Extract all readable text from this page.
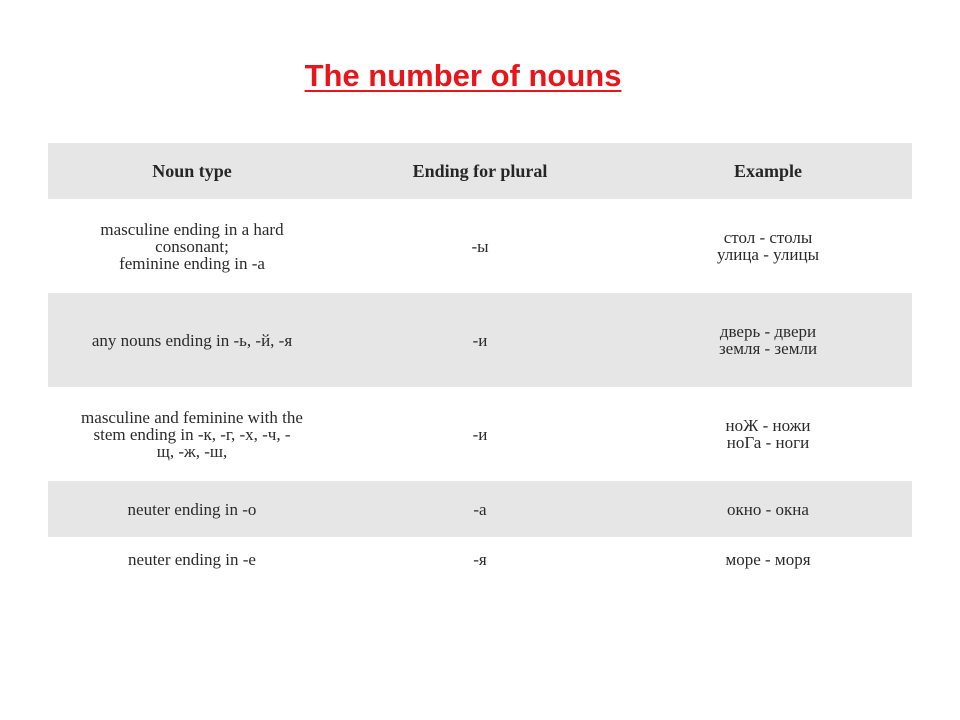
The number of nouns
Noun type	Ending for plural	Example

masculine ending in a hard
consonant;
feminine ending in -а	-ы	стол - столы
улица - улицы

any nouns ending in -ь, -й, -я	-и	дверь - двери
земля - земли

masculine and feminine with the
stem ending in -к, -г, -х, -ч, -
щ, -ж, -ш,	-и	ноЖ - ножи
ноГа - ноги

neuter ending in -о	-а	окно - окна

neuter ending in -е	-я	море - моря
